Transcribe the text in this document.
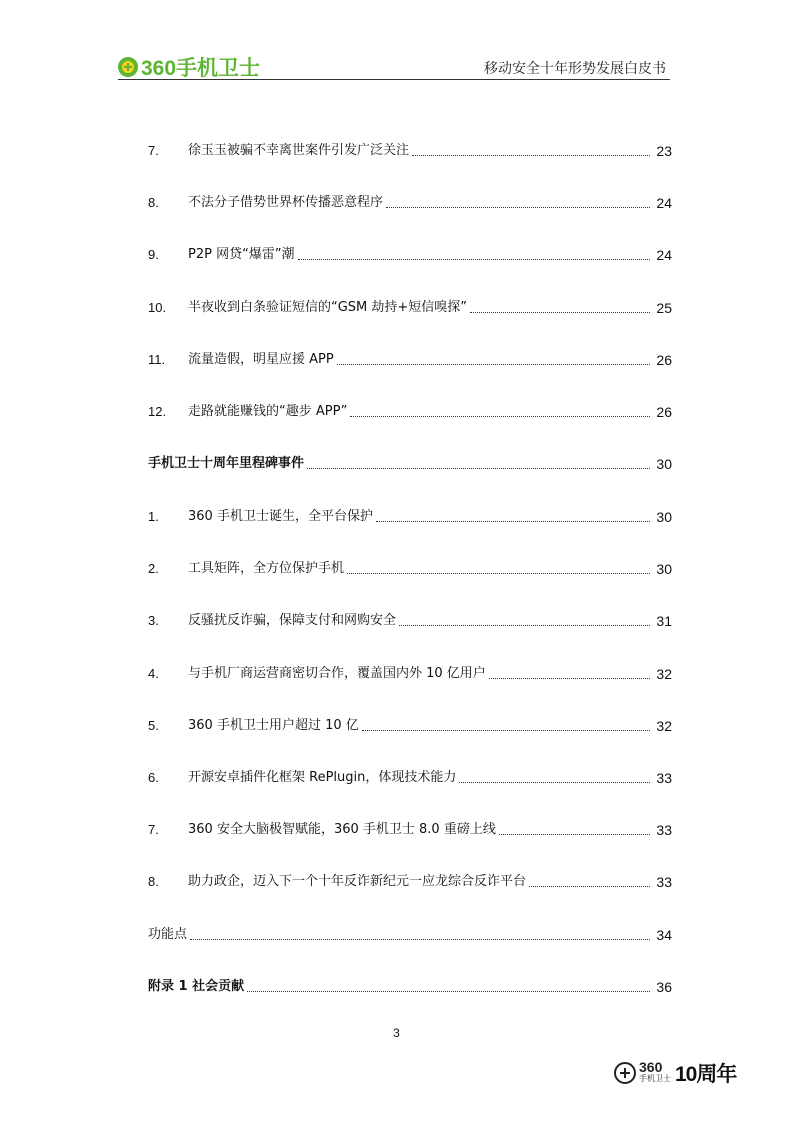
360手机卫士	移动安全十年形势发展白皮书
7.	徐玉玉被骗不幸离世案件引发广泛关注	23
8.	不法分子借势世界杯传播恶意程序	24
9.	P2P 网贷“爆雷”潮	24
10.	半夜收到白条验证短信的“GSM 劫持+短信嗅探”	25
11.	流量造假，明星应援 APP	26
12.	走路就能赚钱的“趣步 APP”	26
手机卫士十周年里程碑事件	30
1.	360 手机卫士诞生，全平台保护	30
2.	工具矩阵，全方位保护手机	30
3.	反骚扰反诈骗，保障支付和网购安全	31
4.	与手机厂商运营商密切合作，覆盖国内外 10 亿用户	32
5.	360 手机卫士用户超过 10 亿	32
6.	开源安卓插件化框架 RePlugin，体现技术能力	33
7.	360 安全大脑极智赋能，360 手机卫士 8.0 重磅上线	33
8.	助力政企，迈入下一个十年反诈新纪元一应龙综合反诈平台	33
功能点	34
附录 1 社会贡献	36
3
360
手机卫士 10周年
